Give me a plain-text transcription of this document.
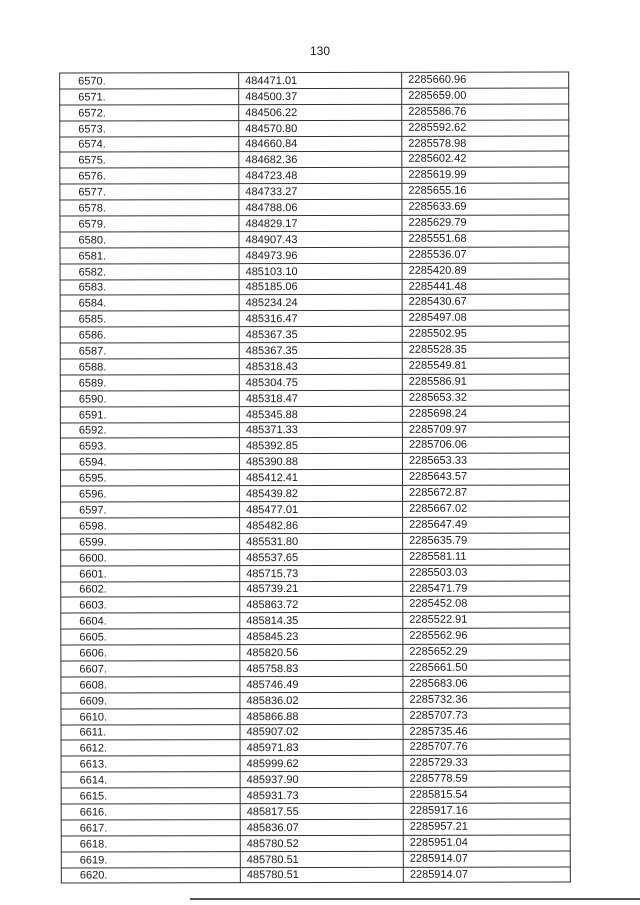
130
6570.	484471.01	2285660.96
6571.	484500.37	2285659.00
6572.	484506.22	2285586.76
6573.	484570.80	2285592.62
6574.	484660.84	2285578.98
6575.	484682.36	2285602.42
6576.	484723.48	2285619.99
6577.	484733.27	2285655.16
6578.	484788.06	2285633.69
6579.	484829.17	2285629.79
6580.	484907.43	2285551.68
6581.	484973.96	2285536.07
6582.	485103.10	2285420.89
6583.	485185.06	2285441.48
6584.	485234.24	2285430.67
6585.	485316.47	2285497.08
6586.	485367.35	2285502.95
6587.	485367.35	2285528.35
6588.	485318.43	2285549.81
6589.	485304.75	2285586.91
6590.	485318.47	2285653.32
6591.	485345.88	2285698.24
6592.	485371.33	2285709.97
6593.	485392.85	2285706.06
6594.	485390.88	2285653.33
6595.	485412.41	2285643.57
6596.	485439.82	2285672.87
6597.	485477.01	2285667.02
6598.	485482.86	2285647.49
6599.	485531.80	2285635.79
6600.	485537.65	2285581.11
6601.	485715.73	2285503.03
6602.	485739.21	2285471.79
6603.	485863.72	2285452.08
6604.	485814.35	2285522.91
6605.	485845.23	2285562.96
6606.	485820.56	2285652.29
6607.	485758.83	2285661.50
6608.	485746.49	2285683.06
6609.	485836.02	2285732.36
6610.	485866.88	2285707.73
6611.	485907.02	2285735.46
6612.	485971.83	2285707.76
6613.	485999.62	2285729.33
6614.	485937.90	2285778.59
6615.	485931.73	2285815.54
6616.	485817.55	2285917.16
6617.	485836.07	2285957.21
6618.	485780.52	2285951.04
6619.	485780.51	2285914.07
6620.	485780.51	2285914.07
